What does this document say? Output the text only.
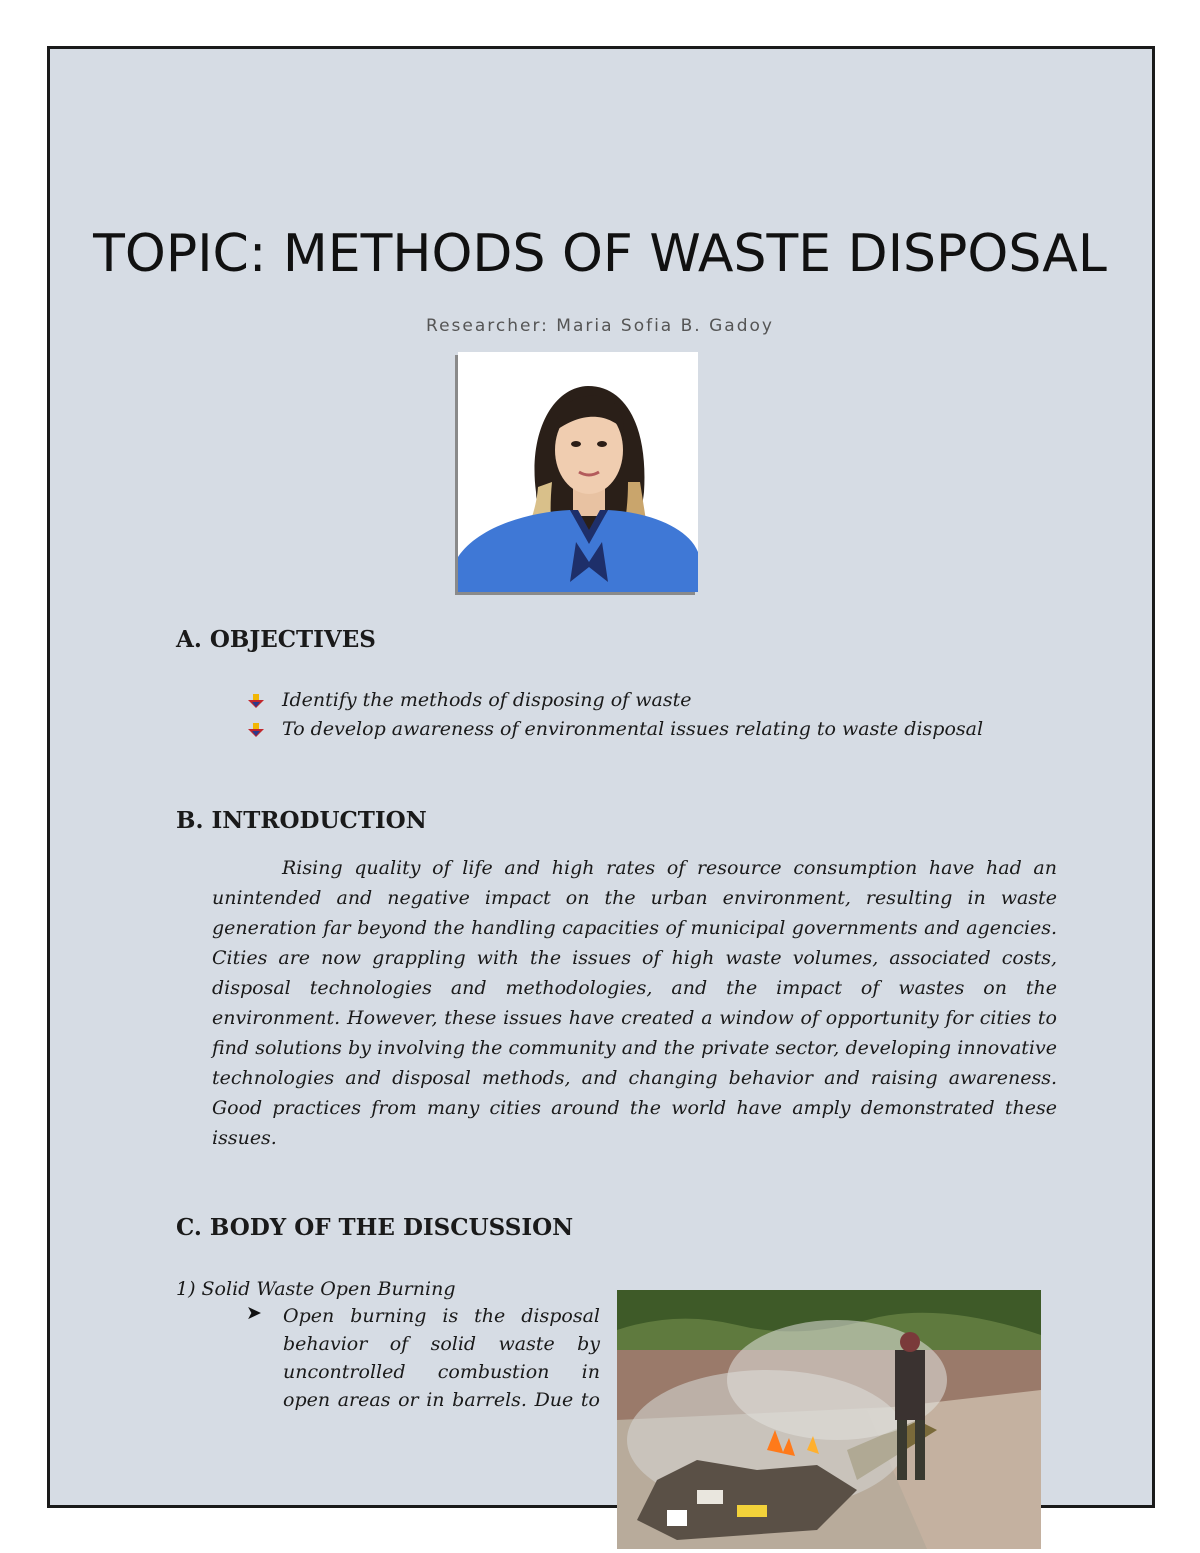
TOPIC: METHODS OF WASTE DISPOSAL
Researcher: Maria Sofia B. Gadoy
A. OBJECTIVES
Identify the methods of disposing of waste
To develop awareness of environmental issues relating to waste disposal
B. INTRODUCTION

Rising quality of life and high rates of resource consumption have had an unintended and negative impact on the urban environment, resulting in waste generation far beyond the handling capacities of municipal governments and agencies. Cities are now grappling with the issues of high waste volumes, associated costs, disposal technologies and methodologies, and the impact of wastes on the environment. However, these issues have created a window of opportunity for cities to find solutions by involving the community and the private sector, developing innovative technologies and disposal methods, and changing behavior and raising awareness. Good practices from many cities around the world have amply demonstrated these issues.

C. BODY OF THE DISCUSSION
1) Solid Waste Open Burning
➤ Open burning is the disposal behavior of solid waste by uncontrolled combustion in open areas or in barrels. Due to
